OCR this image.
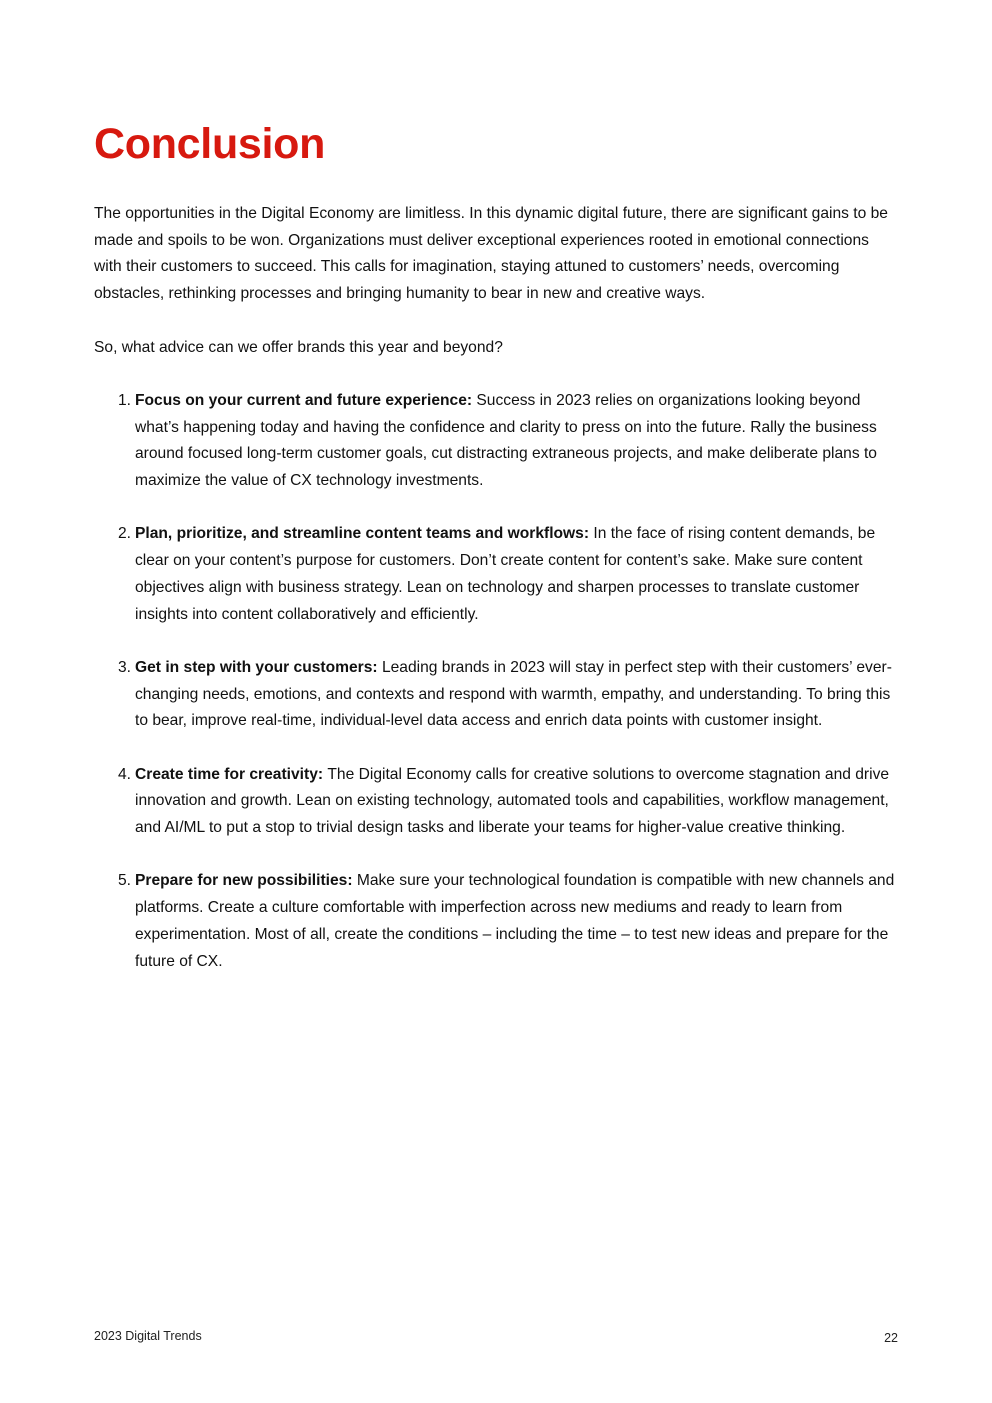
Conclusion

The opportunities in the Digital Economy are limitless. In this dynamic digital future, there are significant gains to be made and spoils to be won. Organizations must deliver exceptional experiences rooted in emotional connections with their customers to succeed. This calls for imagination, staying attuned to customers’ needs, overcoming obstacles, rethinking processes and bringing humanity to bear in new and creative ways.

So, what advice can we offer brands this year and beyond?

1. Focus on your current and future experience: Success in 2023 relies on organizations looking beyond what’s happening today and having the confidence and clarity to press on into the future. Rally the business around focused long-term customer goals, cut distracting extraneous projects, and make deliberate plans to maximize the value of CX technology investments.
2. Plan, prioritize, and streamline content teams and workflows: In the face of rising content demands, be clear on your content’s purpose for customers. Don’t create content for content’s sake. Make sure content objectives align with business strategy. Lean on technology and sharpen processes to translate customer insights into content collaboratively and efficiently.
3. Get in step with your customers: Leading brands in 2023 will stay in perfect step with their customers’ ever-changing needs, emotions, and contexts and respond with warmth, empathy, and understanding. To bring this to bear, improve real-time, individual-level data access and enrich data points with customer insight.
4. Create time for creativity: The Digital Economy calls for creative solutions to overcome stagnation and drive innovation and growth. Lean on existing technology, automated tools and capabilities, workflow management, and AI/ML to put a stop to trivial design tasks and liberate your teams for higher-value creative thinking.
5. Prepare for new possibilities: Make sure your technological foundation is compatible with new channels and platforms. Create a culture comfortable with imperfection across new mediums and ready to learn from experimentation. Most of all, create the conditions – including the time – to test new ideas and prepare for the future of CX.
2023 Digital Trends	22
